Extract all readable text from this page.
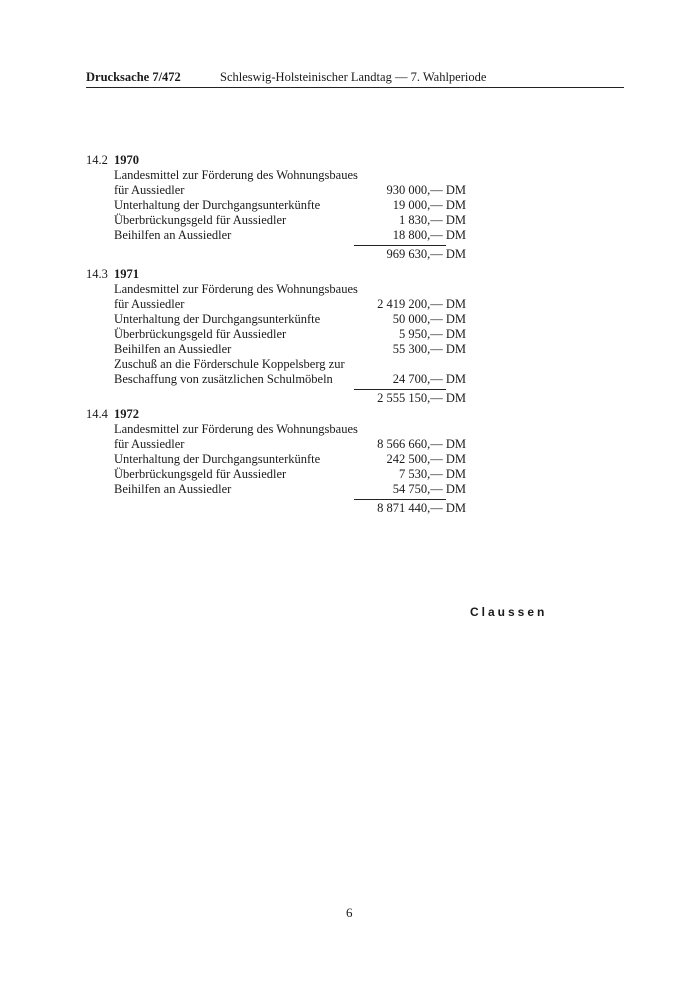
Drucksache 7/472	Schleswig-Holsteinischer Landtag — 7. Wahlperiode
14.2 1970
Landesmittel zur Förderung des Wohnungsbaues für Aussiedler	930 000,— DM
Unterhaltung der Durchgangsunterkünfte	19 000,— DM
Überbrückungsgeld für Aussiedler	1 830,— DM
Beihilfen an Aussiedler	18 800,— DM
969 630,— DM
14.3 1971
Landesmittel zur Förderung des Wohnungsbaues für Aussiedler	2 419 200,— DM
Unterhaltung der Durchgangsunterkünfte	50 000,— DM
Überbrückungsgeld für Aussiedler	5 950,— DM
Beihilfen an Aussiedler	55 300,— DM
Zuschuß an die Förderschule Koppelsberg zur Beschaffung von zusätzlichen Schulmöbeln	24 700,— DM
2 555 150,— DM
14.4 1972
Landesmittel zur Förderung des Wohnungsbaues für Aussiedler	8 566 660,— DM
Unterhaltung der Durchgangsunterkünfte	242 500,— DM
Überbrückungsgeld für Aussiedler	7 530,— DM
Beihilfen an Aussiedler	54 750,— DM
8 871 440,— DM
Claussen
6
